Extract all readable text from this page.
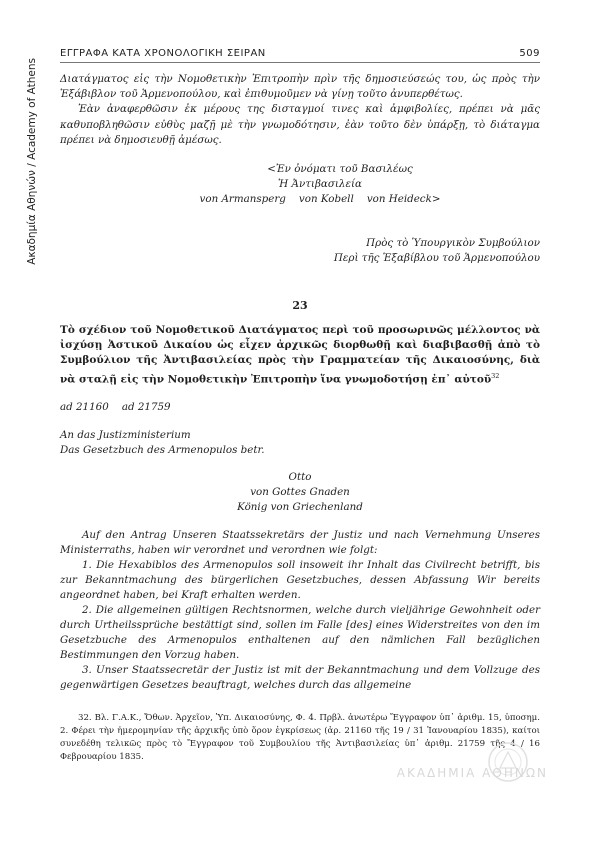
Ακαδημία Αθηνών / Academy of Athens
ΕΓΓΡΑΦΑ ΚΑΤΑ ΧΡΟΝΟΛΟΓΙΚΗ ΣΕΙΡΑΝ	509

Διατάγματος εἰς τὴν Νομοθετικὴν Ἐπιτροπὴν πρὶν τῆς δημοσιεύσεώς του, ὡς πρὸς τὴν Ἑξάβιβλον τοῦ Ἁρμενοπούλου, καὶ ἐπιθυμοῦμεν νὰ γίνῃ τοῦτο ἀνυπερθέτως.

Ἐὰν ἀναφερθῶσιν ἐκ μέρους της δισταγμοί τινες καὶ ἀμφιβολίες, πρέπει νὰ μᾶς καθυποβληθῶσιν εὐθὺς μαζῇ μὲ τὴν γνωμοδότησιν, ἐὰν τοῦτο δὲν ὑπάρξῃ, τὸ διάταγμα πρέπει νὰ δημοσιευθῇ ἀμέσως.

<Ἐν ὀνόματι τοῦ Βασιλέως
Ἡ Ἀντιβασιλεία
von Armansperg    von Kobell    von Heideck>
Πρὸς τὸ Ὑπουργικὸν Συμβούλιον
Περὶ τῆς Ἑξαβίβλου τοῦ Ἁρμενοπούλου
23
Τὸ σχέδιον τοῦ Νομοθετικοῦ Διατάγματος περὶ τοῦ προσωρινῶς μέλλοντος νὰ ἰσχύσῃ Ἀστικοῦ Δικαίου ὡς εἶχεν ἀρχικῶς διορθωθῇ καὶ διαβιβασθῇ ἀπὸ τὸ Συμβούλιον τῆς Ἀντιβασιλείας πρὸς τὴν Γραμματείαν τῆς Δικαιοσύνης, διὰ νὰ σταλῇ εἰς τὴν Νομοθετικὴν Ἐπιτροπὴν ἵνα γνωμοδοτήσῃ ἐπ᾽ αὐτοῦ$^{32}$
ad 21160    ad 21759
An das Justizministerium
Das Gesetzbuch des Armenopulos betr.
Otto
von Gottes Gnaden
König von Griechenland

Auf den Antrag Unseren Staatssekretärs der Justiz und nach Vernehmung Unseres Ministerraths, haben wir verordnet und verordnen wie folgt:

1. Die Hexabiblos des Armenopulos soll insoweit ihr Inhalt das Civilrecht betrifft, bis zur Bekanntmachung des bürgerlichen Gesetzbuches, dessen Abfassung Wir bereits angeordnet haben, bei Kraft erhalten werden.

2. Die allgemeinen gültigen Rechtsnormen, welche durch vieljährige Gewohnheit oder durch Urtheilssprüche bestättigt sind, sollen im Falle [des] eines Widerstreites von den im Gesetzbuche des Armenopulos enthaltenen auf den nämlichen Fall bezüglichen Bestimmungen den Vorzug haben.

3. Unser Staatssecretär der Justiz ist mit der Bekanntmachung und dem Vollzuge des gegenwärtigen Gesetzes beauftragt, welches durch das allgemeine

32. Βλ. Γ.Α.Κ., Ὄθων. Ἀρχεῖον, Ὑπ. Δικαιοσύνης, Φ. 4. Πρβλ. ἀνωτέρω Ἔγγραφον ὑπ᾽ ἀριθμ. 15, ὑποσημ. 2. Φέρει τὴν ἡμερομηνίαν τῆς ἀρχικῆς ὑπὸ ὅρον ἐγκρίσεως (ἀρ. 21160 τῆς 19 / 31 Ἰανουαρίου 1835), καίτοι συνεδέθη τελικῶς πρὸς τὸ Ἔγγραφον τοῦ Συμβουλίου τῆς Ἀντιβασιλείας ὑπ᾽ ἀριθμ. 21759 τῆς 4 / 16 Φεβρουαρίου 1835.

ΑΚΑΔΗΜΙΑ ΑΘΗΝΩΝ
